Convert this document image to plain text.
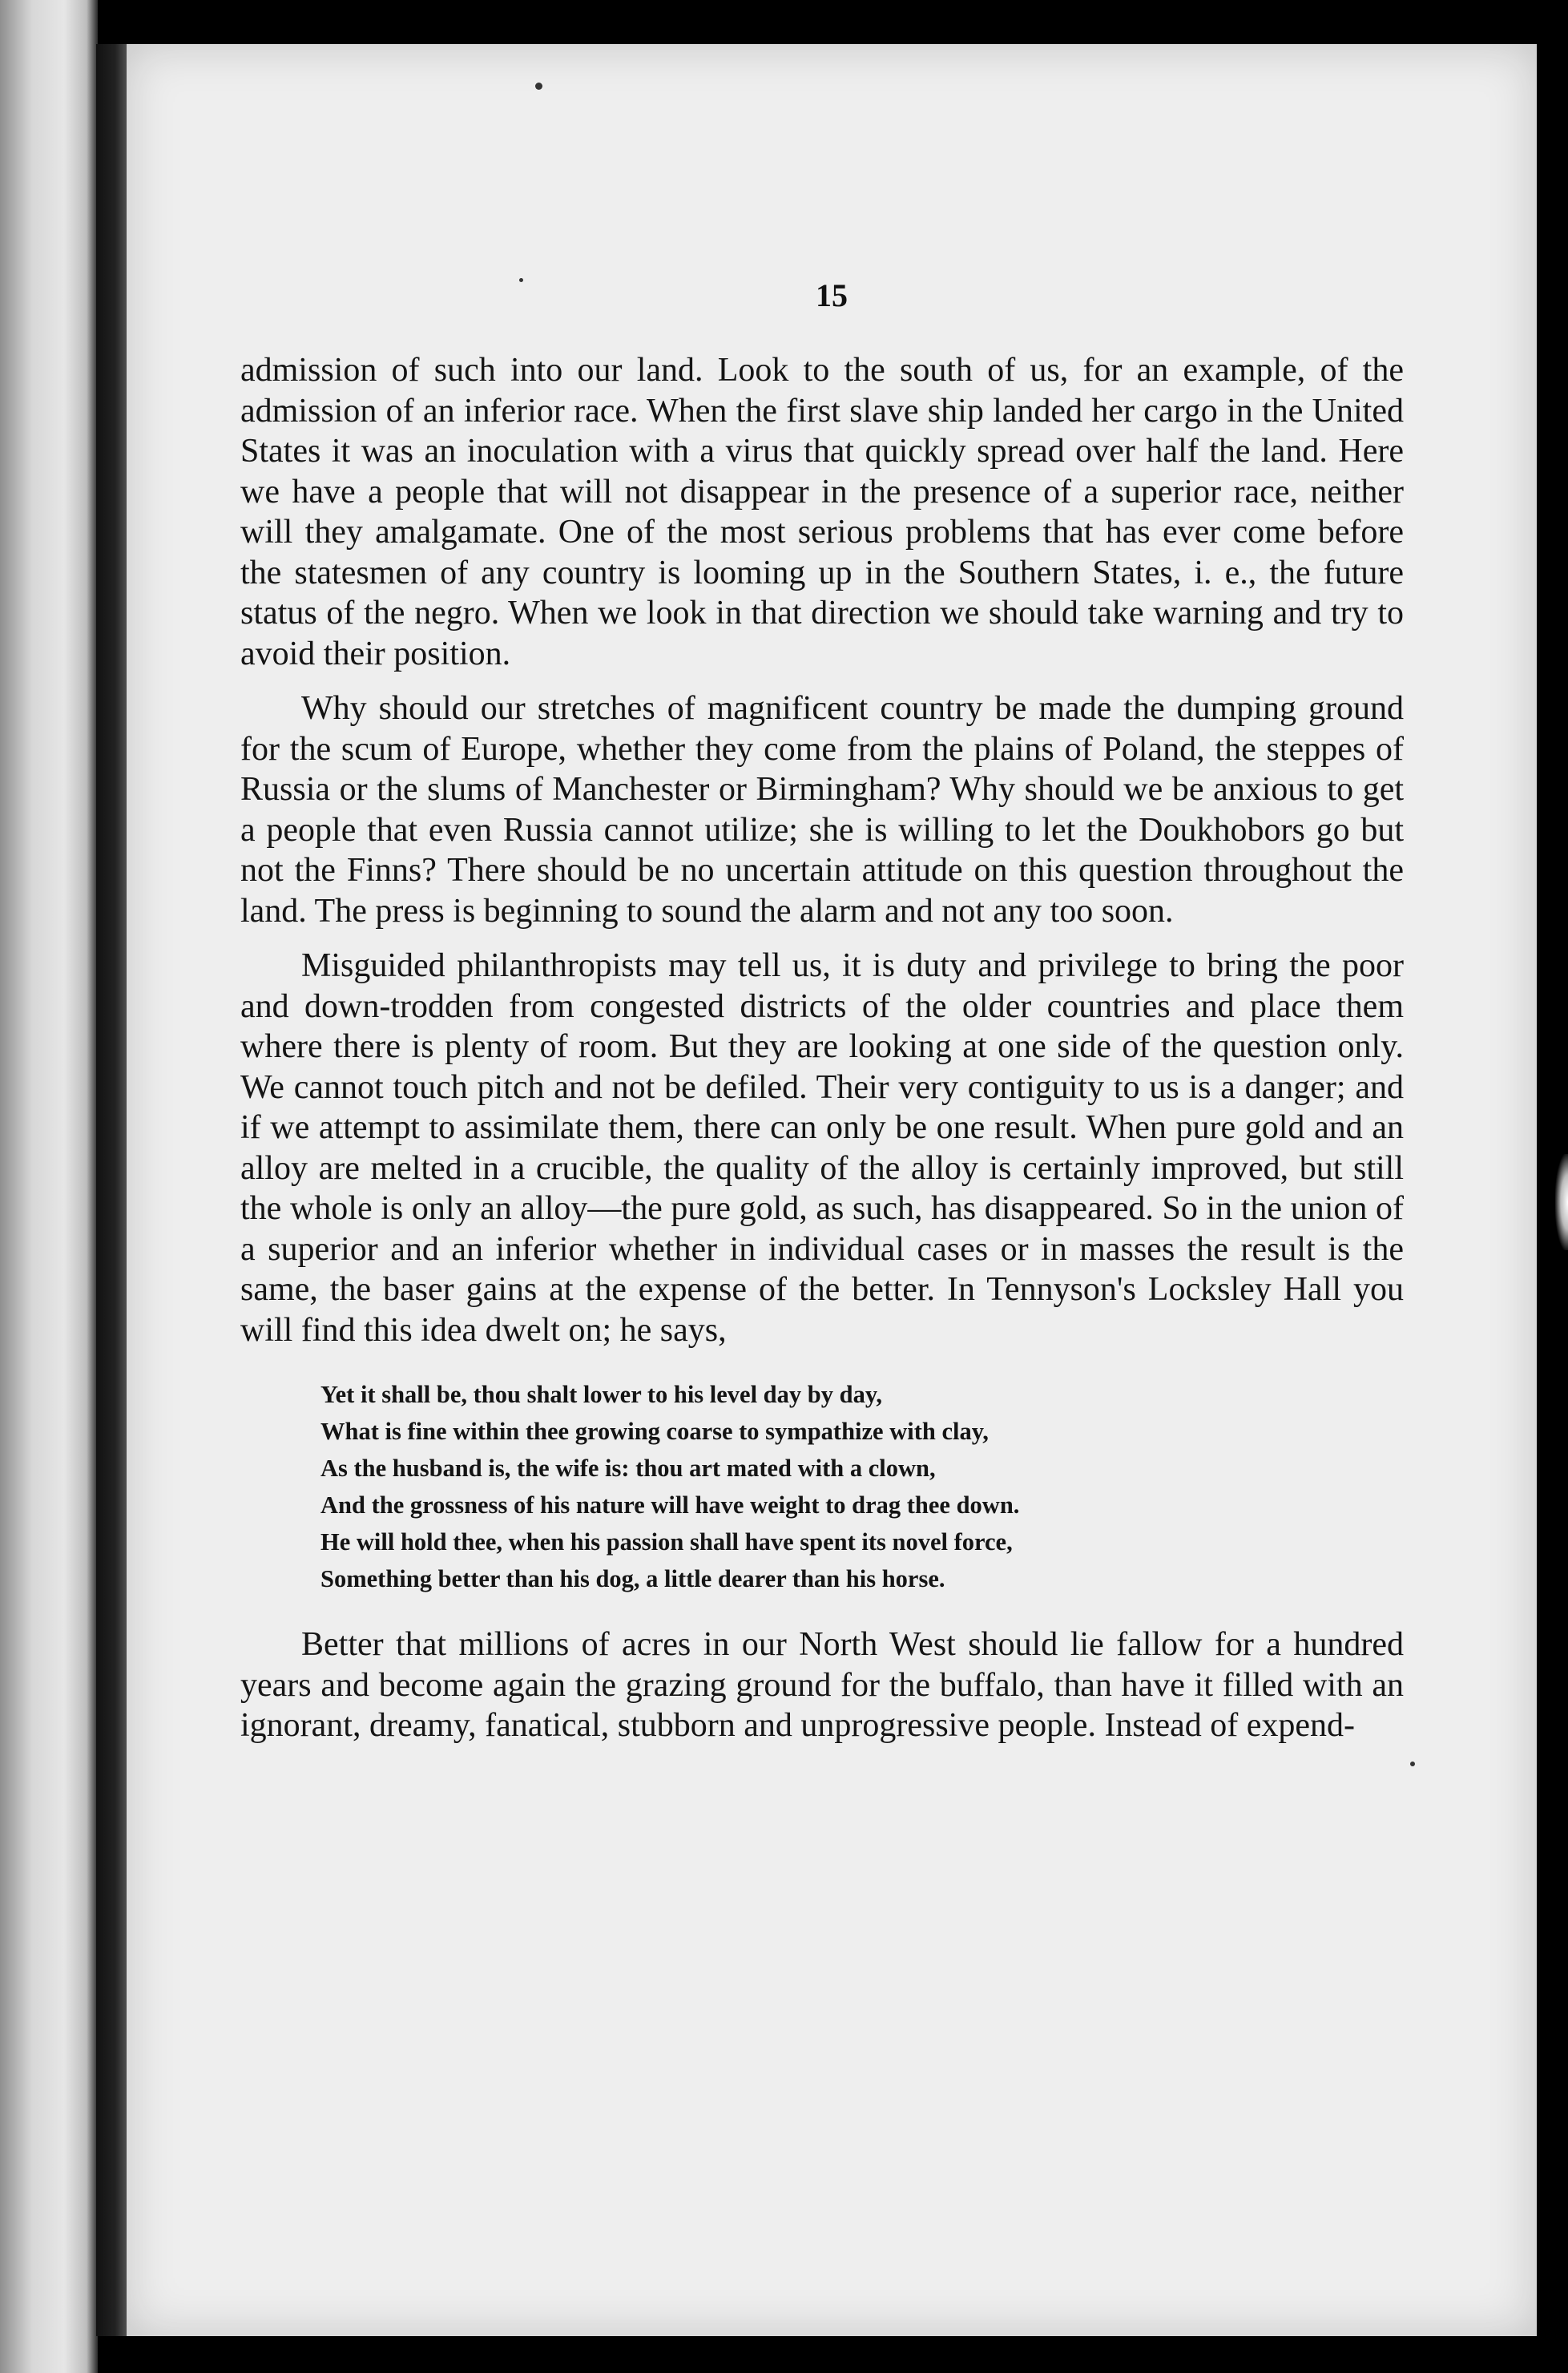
15

admission of such into our land. Look to the south of us, for an example, of the admission of an inferior race. When the first slave ship landed her cargo in the United States it was an inoculation with a virus that quickly spread over half the land. Here we have a people that will not disappear in the presence of a superior race, neither will they amalgamate. One of the most serious problems that has ever come before the statesmen of any country is looming up in the Southern States, i. e., the future status of the negro. When we look in that direction we should take warning and try to avoid their position.

Why should our stretches of magnificent country be made the dumping ground for the scum of Europe, whether they come from the plains of Poland, the steppes of Russia or the slums of Manchester or Birmingham? Why should we be anxious to get a people that even Russia cannot utilize; she is willing to let the Doukhobors go but not the Finns? There should be no uncertain attitude on this question throughout the land. The press is beginning to sound the alarm and not any too soon.

Misguided philanthropists may tell us, it is duty and privilege to bring the poor and down-trodden from congested districts of the older countries and place them where there is plenty of room. But they are looking at one side of the question only. We cannot touch pitch and not be defiled. Their very contiguity to us is a danger; and if we attempt to assimilate them, there can only be one result. When pure gold and an alloy are melted in a crucible, the quality of the alloy is certainly improved, but still the whole is only an alloy—the pure gold, as such, has disappeared. So in the union of a superior and an inferior whether in individual cases or in masses the result is the same, the baser gains at the expense of the better. In Tennyson's Locksley Hall you will find this idea dwelt on; he says,

Yet it shall be, thou shalt lower to his level day by day,
What is fine within thee growing coarse to sympathize with clay,
As the husband is, the wife is: thou art mated with a clown,
And the grossness of his nature will have weight to drag thee down.
He will hold thee, when his passion shall have spent its novel force,
Something better than his dog, a little dearer than his horse.

Better that millions of acres in our North West should lie fallow for a hundred years and become again the grazing ground for the buffalo, than have it filled with an ignorant, dreamy, fanatical, stubborn and unprogressive people. Instead of expend-
